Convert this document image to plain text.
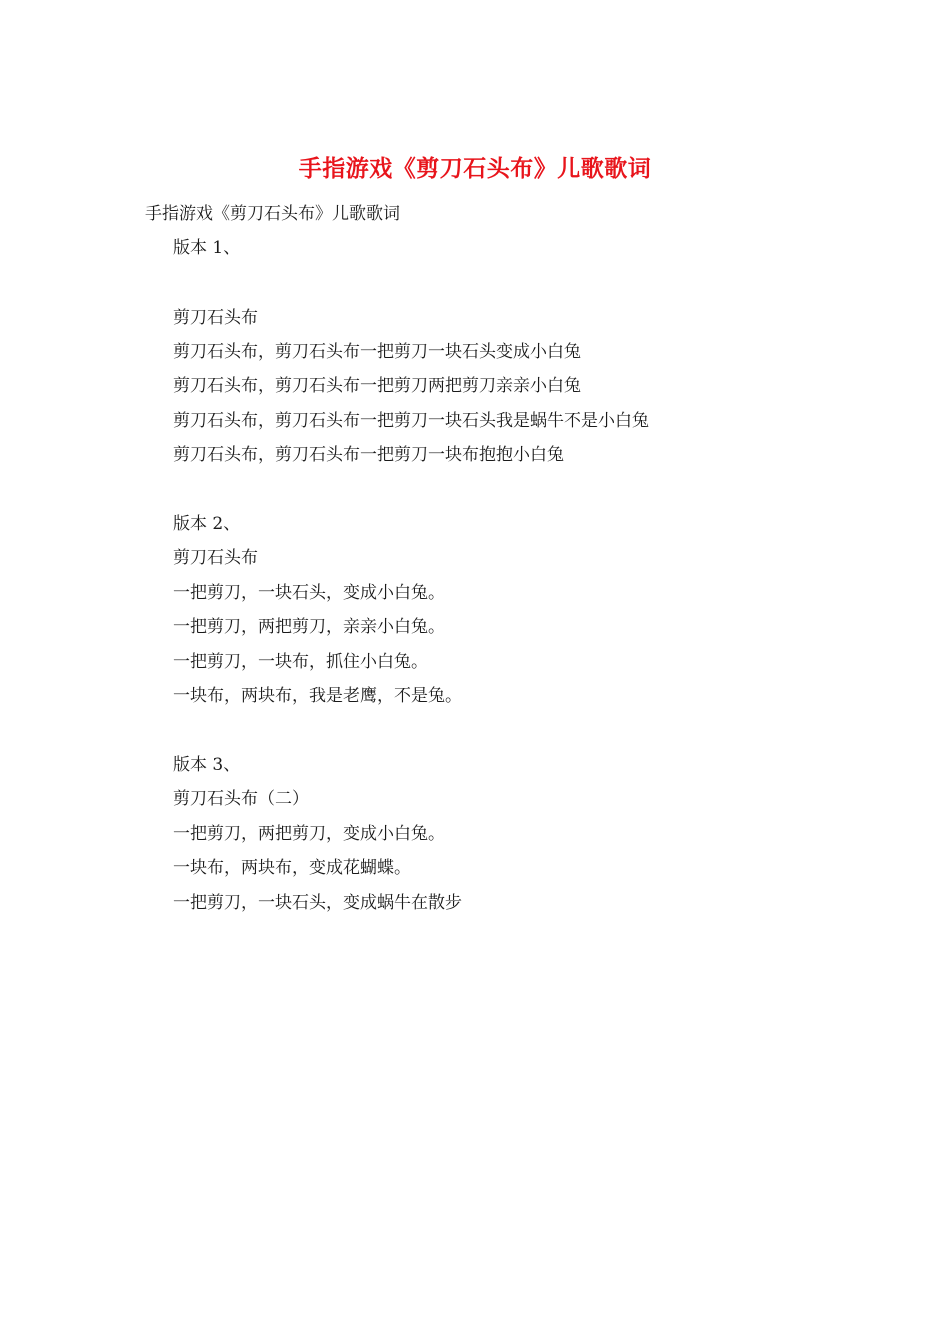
手指游戏《剪刀石头布》儿歌歌词
手指游戏《剪刀石头布》儿歌歌词
版本 1、
剪刀石头布
剪刀石头布，剪刀石头布一把剪刀一块石头变成小白兔
剪刀石头布，剪刀石头布一把剪刀两把剪刀亲亲小白兔
剪刀石头布，剪刀石头布一把剪刀一块石头我是蜗牛不是小白兔
剪刀石头布，剪刀石头布一把剪刀一块布抱抱小白兔
版本 2、
剪刀石头布
一把剪刀，一块石头，变成小白兔。
一把剪刀，两把剪刀，亲亲小白兔。
一把剪刀，一块布，抓住小白兔。
一块布，两块布，我是老鹰，不是兔。
版本 3、
剪刀石头布（二）
一把剪刀，两把剪刀，变成小白兔。
一块布，两块布，变成花蝴蝶。
一把剪刀，一块石头，变成蜗牛在散步
